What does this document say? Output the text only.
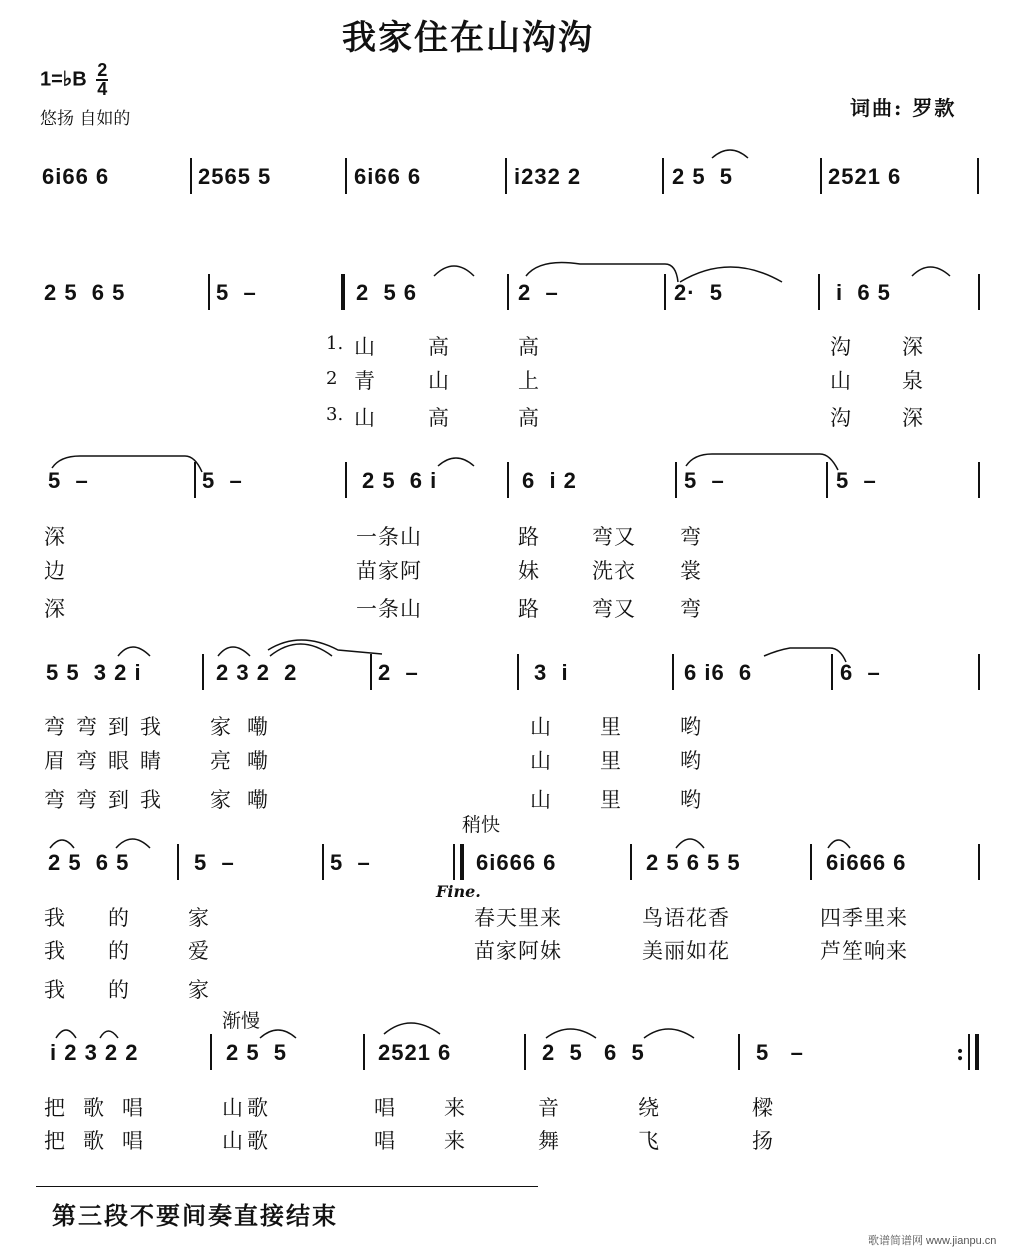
我家住在山沟沟
1=♭B $\frac{2}{4}$
悠扬 自如的	词曲: 罗款
6i66 6	2565 5	6i66 6	i232 2	2 5  5	2521 6
2 5  6 5	5  –	2  5 6	2  –	2·  5	i  6 5
1.
2
3.
山 高	高	沟 深
青 山	上	山 泉
山 高	高	沟 深
5  –	5  –	2 5  6 i	6  i 2	5  –	5  –
深	一条山	路 弯又 弯
边	苗家阿	妹 洗衣 裳
深	一条山	路 弯又 弯
5 5  3 2 i	2 3 2  2	2  –	3  i	6 i6  6	6  –
弯弯到我 家嘞	山 里	哟
眉弯眼睛 亮嘞	山 里	哟
弯弯到我 家嘞	山 里	哟
稍快
2 5  6 5	5  –	5  –
Fine.
6i666 6	2 5 6 5 5	6i666 6
我 的	家	春天里来	鸟语花香	四季里来
我 的	爱	苗家阿妹	美丽如花	芦笙响来
我 的	家
渐慢
i 2 3 2 2	2 5  5	2521 6	2  5   6  5	5   –	:
把歌唱	山歌	唱 来	音	绕	樑
把歌唱	山歌	唱 来	舞	飞	扬
第三段不要间奏直接结束
歌谱简谱网 www.jianpu.cn
